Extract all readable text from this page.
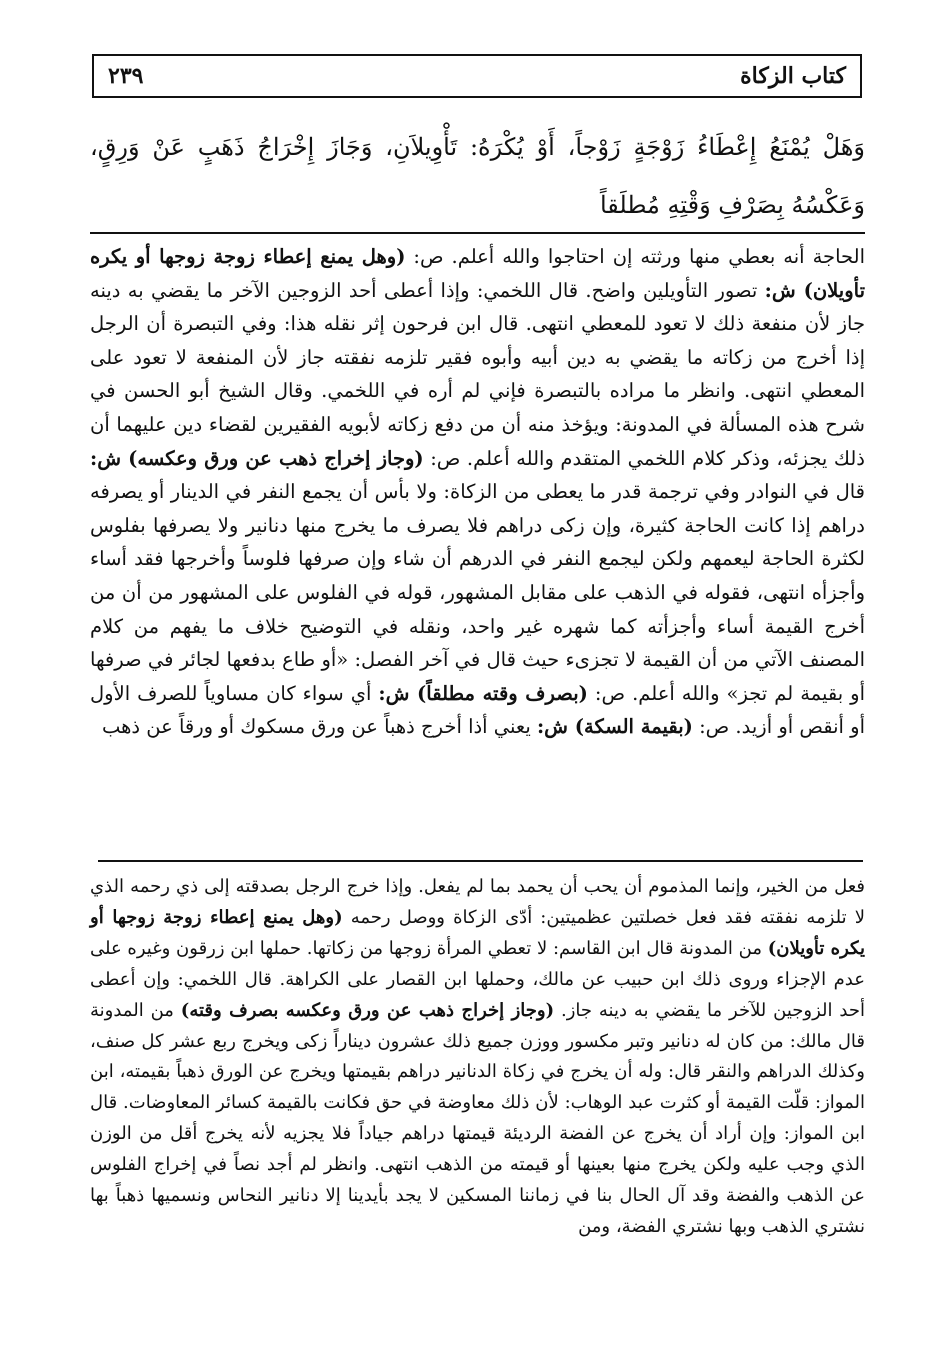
٢٣٩	كتاب الزكاة

وَهَلْ يُمْنَعُ إِعْطَاءُ زَوْجَةٍ زَوْجاً، أَوْ يُكْرَهُ: تَأْوِيلاَنِ، وَجَازَ إِخْرَاجُ ذَهَبٍ عَنْ وَرِقٍ، وَعَكْسُهُ بِصَرْفِ وَقْتِهِ مُطلَقاً

الحاجة أنه بعطي منها ورثته إن احتاجوا والله أعلم. ص: (وهل يمنع إعطاء زوجة زوجها أو يكره تأويلان) ش: تصور التأويلين واضح. قال اللخمي: وإذا أعطى أحد الزوجين الآخر ما يقضي به دينه جاز لأن منفعة ذلك لا تعود للمعطي انتهى. قال ابن فرحون إثر نقله هذا: وفي التبصرة أن الرجل إذا أخرج من زكاته ما يقضي به دين أبيه وأبوه فقير تلزمه نفقته جاز لأن المنفعة لا تعود على المعطي انتهى. وانظر ما مراده بالتبصرة فإني لم أره في اللخمي. وقال الشيخ أبو الحسن في شرح هذه المسألة في المدونة: ويؤخذ منه أن من دفع زكاته لأبويه الفقيرين لقضاء دين عليهما أن ذلك يجزئه، وذكر كلام اللخمي المتقدم والله أعلم. ص: (وجاز إخراج ذهب عن ورق وعكسه) ش: قال في النوادر وفي ترجمة قدر ما يعطى من الزكاة: ولا بأس أن يجمع النفر في الدينار أو يصرفه دراهم إذا كانت الحاجة كثيرة، وإن زكى دراهم فلا يصرف ما يخرج منها دنانير ولا يصرفها بفلوس لكثرة الحاجة ليعمهم ولكن ليجمع النفر في الدرهم أن شاء وإن صرفها فلوساً وأخرجها فقد أساء وأجزأه انتهى، فقوله في الذهب على مقابل المشهور، قوله في الفلوس على المشهور من أن من أخرج القيمة أساء وأجزأته كما شهره غير واحد، ونقله في التوضيح خلاف ما يفهم من كلام المصنف الآتي من أن القيمة لا تجزىء حيث قال في آخر الفصل: «أو طاع بدفعها لجائر في صرفها أو بقيمة لم تجز» والله أعلم. ص: (بصرف وقته مطلقاً) ش: أي سواء كان مساوياً للصرف الأول أو أنقص أو أزيد. ص: (بقيمة السكة) ش: يعني أذا أخرج ذهباً عن ورق مسكوك أو ورقاً عن ذهب

فعل من الخير، وإنما المذموم أن يحب أن يحمد بما لم يفعل. وإذا خرج الرجل بصدقته إلى ذي رحمه الذي لا تلزمه نفقته فقد فعل خصلتين عظميتين: أدّى الزكاة ووصل رحمه (وهل يمنع إعطاء زوجة زوجها أو يكره تأويلان) من المدونة قال ابن القاسم: لا تعطي المرأة زوجها من زكاتها. حملها ابن زرقون وغيره على عدم الإجزاء وروى ذلك ابن حبيب عن مالك، وحملها ابن القصار على الكراهة. قال اللخمي: وإن أعطى أحد الزوجين للآخر ما يقضي به دينه جاز. (وجاز إخراج ذهب عن ورق وعكسه بصرف وقته) من المدونة قال مالك: من كان له دنانير وتبر مكسور ووزن جميع ذلك عشرون ديناراً زكى ويخرج ربع عشر كل صنف، وكذلك الدراهم والنقر قال: وله أن يخرج في زكاة الدنانير دراهم بقيمتها ويخرج عن الورق ذهباً بقيمته، ابن المواز: قلّت القيمة أو كثرت عبد الوهاب: لأن ذلك معاوضة في حق فكانت بالقيمة كسائر المعاوضات. قال ابن المواز: وإن أراد أن يخرج عن الفضة الرديئة قيمتها دراهم جياداً فلا يجزيه لأنه يخرج أقل من الوزن الذي وجب عليه ولكن يخرج منها بعينها أو قيمته من الذهب انتهى. وانظر لم أجد نصاً في إخراج الفلوس عن الذهب والفضة وقد آل الحال بنا في زماننا المسكين لا يجد بأيدينا إلا دنانير النحاس ونسميها ذهباً بها نشتري الذهب وبها نشتري الفضة، ومن
